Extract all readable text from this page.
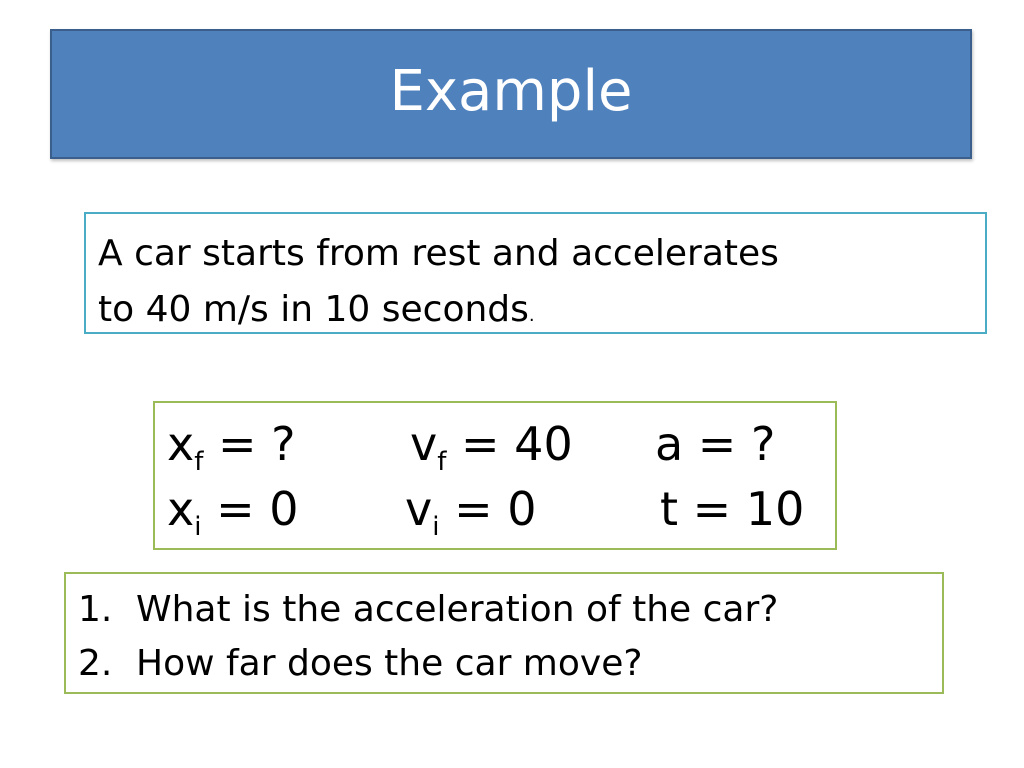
Example
A car starts from rest and accelerates
to 40 m/s in 10 seconds.
$x_f$ = ? $v_f = 40$ a = ?
$x_i = 0$ $v_i = 0$	t = 10
1. What is the acceleration of the car?
2. How far does the car move?
